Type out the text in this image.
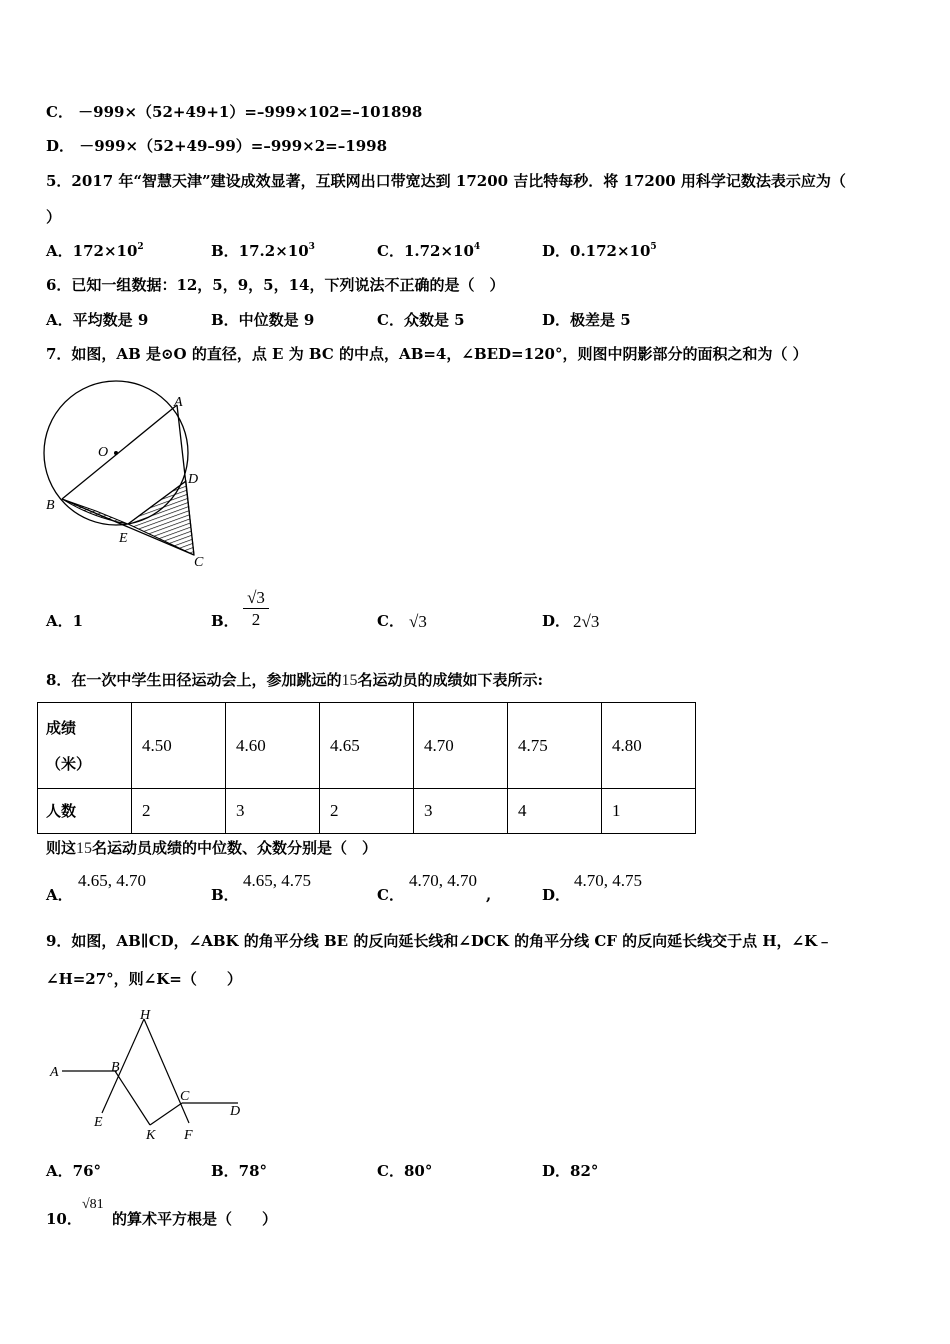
C． －999×（52+49+1）=–999×102=–101898
D． －999×（52+49–99）=–999×2=–1998
5．2017 年“智慧天津”建设成效显著，互联网出口带宽达到 17200 吉比特每秒．将 17200 用科学记数法表示应为（
）
A．$172\times 10^2$	B．$17.2\times 10^3$	C．$1.72\times 10^4$	D．$0.172\times 10^5$
6．已知一组数据：12，5，9，5，14，下列说法不正确的是（　）
A．平均数是 9	B．中位数是 9	C．众数是 5	D．极差是 5
7．如图，AB 是⊙O 的直径，点 E 为 BC 的中点，AB=4，∠BED=120°，则图中阴影部分的面积之和为（ ）
A
O
B
D
E
C
A．1	B． $\frac{√3}{2}$	C． √3	D． 2√3
8．在一次中学生田径运动会上，参加跳远的15名运动员的成绩如下表所示:
成绩
（米）	4.50	4.60	4.65	4.70	4.75	4.80
人数	2	3	2	3	4	1
则这15名运动员成绩的中位数、众数分别是（　）
A．
4.65, 4.70
B．
4.65, 4.75
C．
4.70, 4.70
,	D．
4.70, 4.75
9．如图，AB∥CD，∠ABK 的角平分线 BE 的反向延长线和∠DCK 的角平分线 CF 的反向延长线交于点 H，∠K﹣
∠H=27°，则∠K=（　　）
H
A	B
C
D
E
K F
A．76°	B．78°	C．80°	D．82°
10．
√81
的算术平方根是（　　）
